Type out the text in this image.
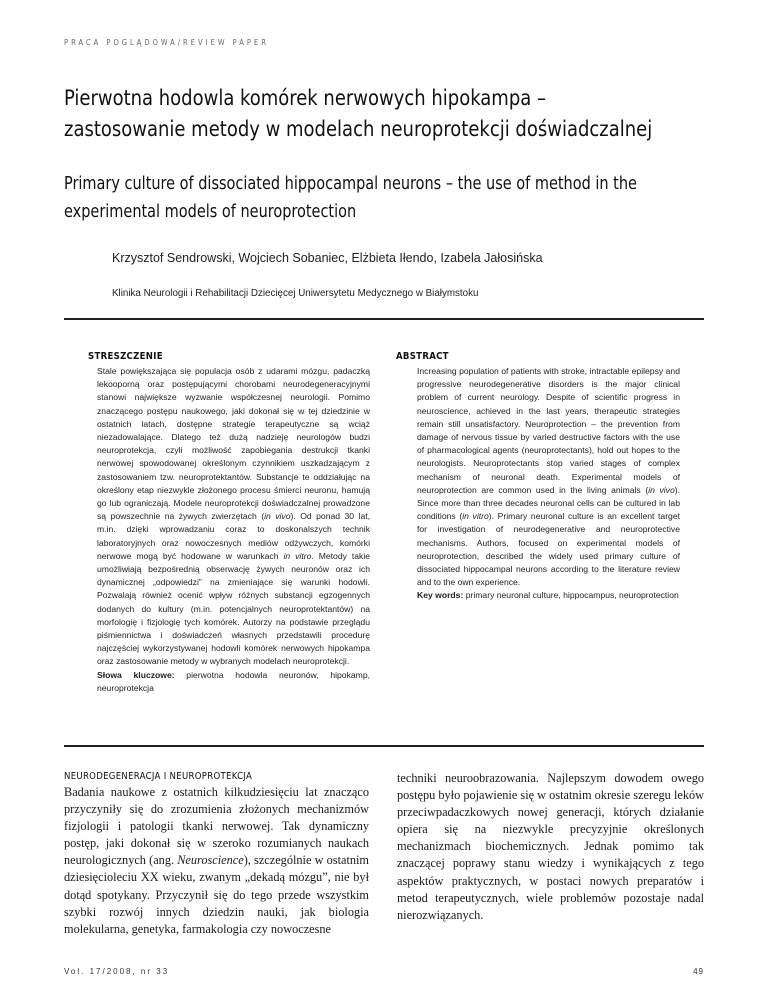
PRACA POGLĄDOWA/REVIEW PAPER
Pierwotna hodowla komórek nerwowych hipokampa – zastosowanie metody w modelach neuroprotekcji doświadczalnej
Primary culture of dissociated hippocampal neurons – the use of method in the experimental models of neuroprotection
Krzysztof Sendrowski, Wojciech Sobaniec, Elżbieta Iłendo, Izabela Jałosińska
Klinika Neurologii i Rehabilitacji Dziecięcej Uniwersytetu Medycznego w Białymstoku
STRESZCZENIE
Stale powiększająca się populacja osób z udarami mózgu, padaczką lekooporną oraz postępującymi chorobami neurodegeneracyjnymi stanowi największe wyzwanie współczesnej neurologii. Pomimo znaczącego postępu naukowego, jaki dokonał się w tej dziedzinie w ostatnich latach, dostępne strategie terapeutyczne są wciąż niezadowalające. Dlatego też dużą nadzieję neurologów budzi neuroprotekcja, czyli możliwość zapobiegania destrukcji tkanki nerwowej spowodowanej określonym czynnikiem uszkadzającym z zastosowaniem tzw. neuroprotektantów. Substancje te oddziałując na określony etap niezwykle złożonego procesu śmierci neuronu, hamują go lub ograniczają. Modele neuroprotekcji doświadczalnej prowadzone są powszechnie na żywych zwierzętach (in vivo). Od ponad 30 lat, m.in. dzięki wprowadzaniu coraz to doskonalszych technik laboratoryjnych oraz nowoczesnych mediów odżywczych, komórki nerwowe mogą być hodowane w warunkach in vitro. Metody takie umożliwiają bezpośrednią obserwację żywych neuronów oraz ich dynamicznej „odpowiedzi” na zmieniające się warunki hodowli. Pozwalają również ocenić wpływ różnych substancji egzogennych dodanych do kultury (m.in. potencjalnych neuroprotektantów) na morfologię i fizjologię tych komórek. Autorzy na podstawie przeglądu piśmiennictwa i doświadczeń własnych przedstawili procedurę najczęściej wykorzystywanej hodowli komórek nerwowych hipokampa oraz zastosowanie metody w wybranych modelach neuroprotekcji.
Słowa kluczowe: pierwotna hodowla neuronów, hipokamp, neuroprotekcja
ABSTRACT
Increasing population of patients with stroke, intractable epilepsy and progressive neurodegenerative disorders is the major clinical problem of current neurology. Despite of scientific progress in neuroscience, achieved in the last years, therapeutic strategies remain still unsatisfactory. Neuroprotection – the prevention from damage of nervous tissue by varied destructive factors with the use of pharmacological agents (neuroprotectants), hold out hopes to the neurologists. Neuroprotectants stop varied stages of complex mechanism of neuronal death. Experimental models of neuroprotection are common used in the living animals (in vivo). Since more than three decades neuronal cells can be cultured in lab conditions (in vitro). Primary neuronal culture is an excellent target for investigation of neurodegenerative and neuroprotective mechanisms. Authors, focused on experimental models of neuroprotection, described the widely used primary culture of dissociated hippocampal neurons according to the literature review and to the own experience.
Key words: primary neuronal culture, hippocampus, neuroprotection
NEURODEGENERACJA I NEUROPROTEKCJA
Badania naukowe z ostatnich kilkudziesięciu lat znacząco przyczyniły się do zrozumienia złożonych mechanizmów fizjologii i patologii tkanki nerwowej. Tak dynamiczny postęp, jaki dokonał się w szeroko rozumianych naukach neurologicznych (ang. Neuroscience), szczególnie w ostatnim dziesięcioleciu XX wieku, zwanym „dekadą mózgu”, nie był dotąd spotykany. Przyczynił się do tego przede wszystkim szybki rozwój innych dziedzin nauki, jak biologia molekularna, genetyka, farmakologia czy nowoczesne
techniki neuroobrazowania. Najlepszym dowodem owego postępu było pojawienie się w ostatnim okresie szeregu leków przeciwpadaczkowych nowej generacji, których działanie opiera się na niezwykle precyzyjnie określonych mechanizmach biochemicznych. Jednak pomimo tak znaczącej poprawy stanu wiedzy i wynikających z tego aspektów praktycznych, w postaci nowych preparatów i metod terapeutycznych, wiele problemów pozostaje nadal nierozwiązanych.
Vol. 17/2008, nr 33	49
